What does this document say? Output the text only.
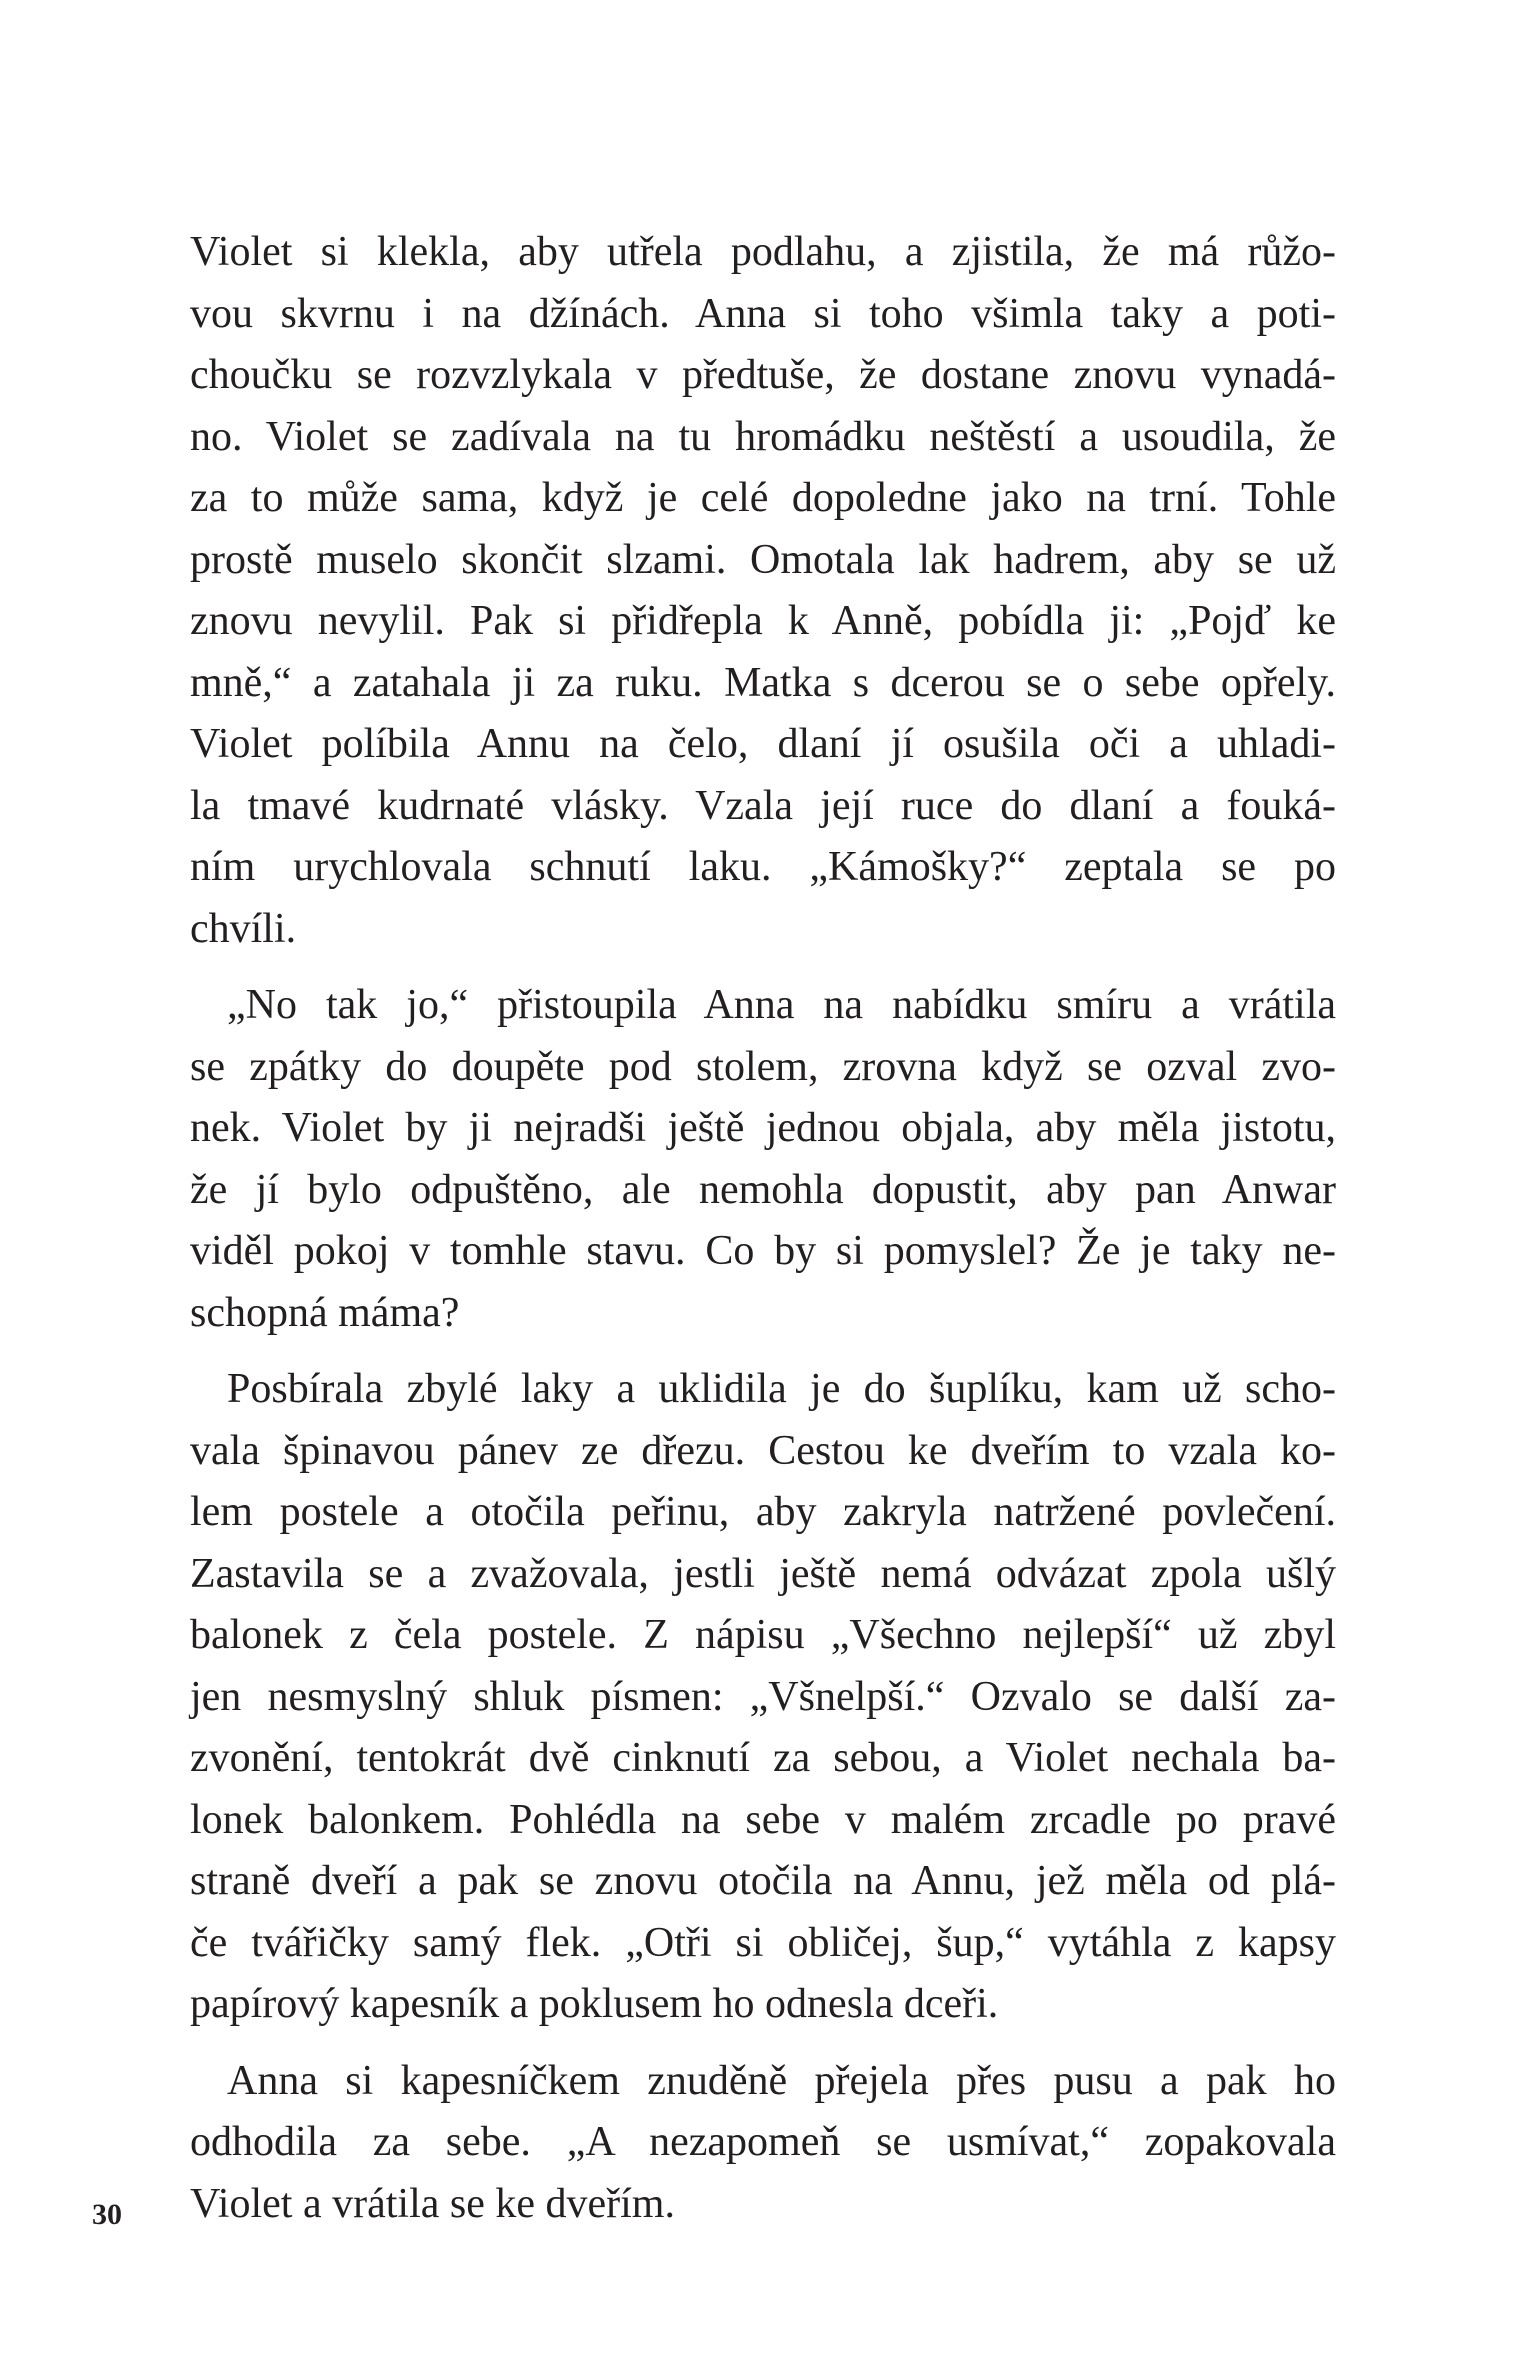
Violet si klekla, aby utřela podlahu, a zjistila, že má růžo-
vou skvrnu i na džínách. Anna si toho všimla taky a poti-
choučku se rozvzlykala v předtuše, že dostane znovu vynadá-
no. Violet se zadívala na tu hromádku neštěstí a usoudila, že
za to může sama, když je celé dopoledne jako na trní. Tohle
prostě muselo skončit slzami. Omotala lak hadrem, aby se už
znovu nevylil. Pak si přidřepla k Anně, pobídla ji: „Pojď ke
mně,“ a zatahala ji za ruku. Matka s dcerou se o sebe opřely.
Violet políbila Annu na čelo, dlaní jí osušila oči a uhladi-
la tmavé kudrnaté vlásky. Vzala její ruce do dlaní a fouká-
ním urychlovala schnutí laku. „Kámošky?“ zeptala se po
chvíli.
„No tak jo,“ přistoupila Anna na nabídku smíru a vrátila
se zpátky do doupěte pod stolem, zrovna když se ozval zvo-
nek. Violet by ji nejradši ještě jednou objala, aby měla jistotu,
že jí bylo odpuštěno, ale nemohla dopustit, aby pan Anwar
viděl pokoj v tomhle stavu. Co by si pomyslel? Že je taky ne-
schopná máma?
Posbírala zbylé laky a uklidila je do šuplíku, kam už scho-
vala špinavou pánev ze dřezu. Cestou ke dveřím to vzala ko-
lem postele a otočila peřinu, aby zakryla natržené povlečení.
Zastavila se a zvažovala, jestli ještě nemá odvázat zpola ušlý
balonek z čela postele. Z nápisu „Všechno nejlepší“ už zbyl
jen nesmyslný shluk písmen: „Všnelpší.“ Ozvalo se další za-
zvonění, tentokrát dvě cinknutí za sebou, a Violet nechala ba-
lonek balonkem. Pohlédla na sebe v malém zrcadle po pravé
straně dveří a pak se znovu otočila na Annu, jež měla od plá-
če tvářičky samý flek. „Otři si obličej, šup,“ vytáhla z kapsy
papírový kapesník a poklusem ho odnesla dceři.
Anna si kapesníčkem znuděně přejela přes pusu a pak ho
odhodila za sebe. „A nezapomeň se usmívat,“ zopakovala
Violet a vrátila se ke dveřím.
30
